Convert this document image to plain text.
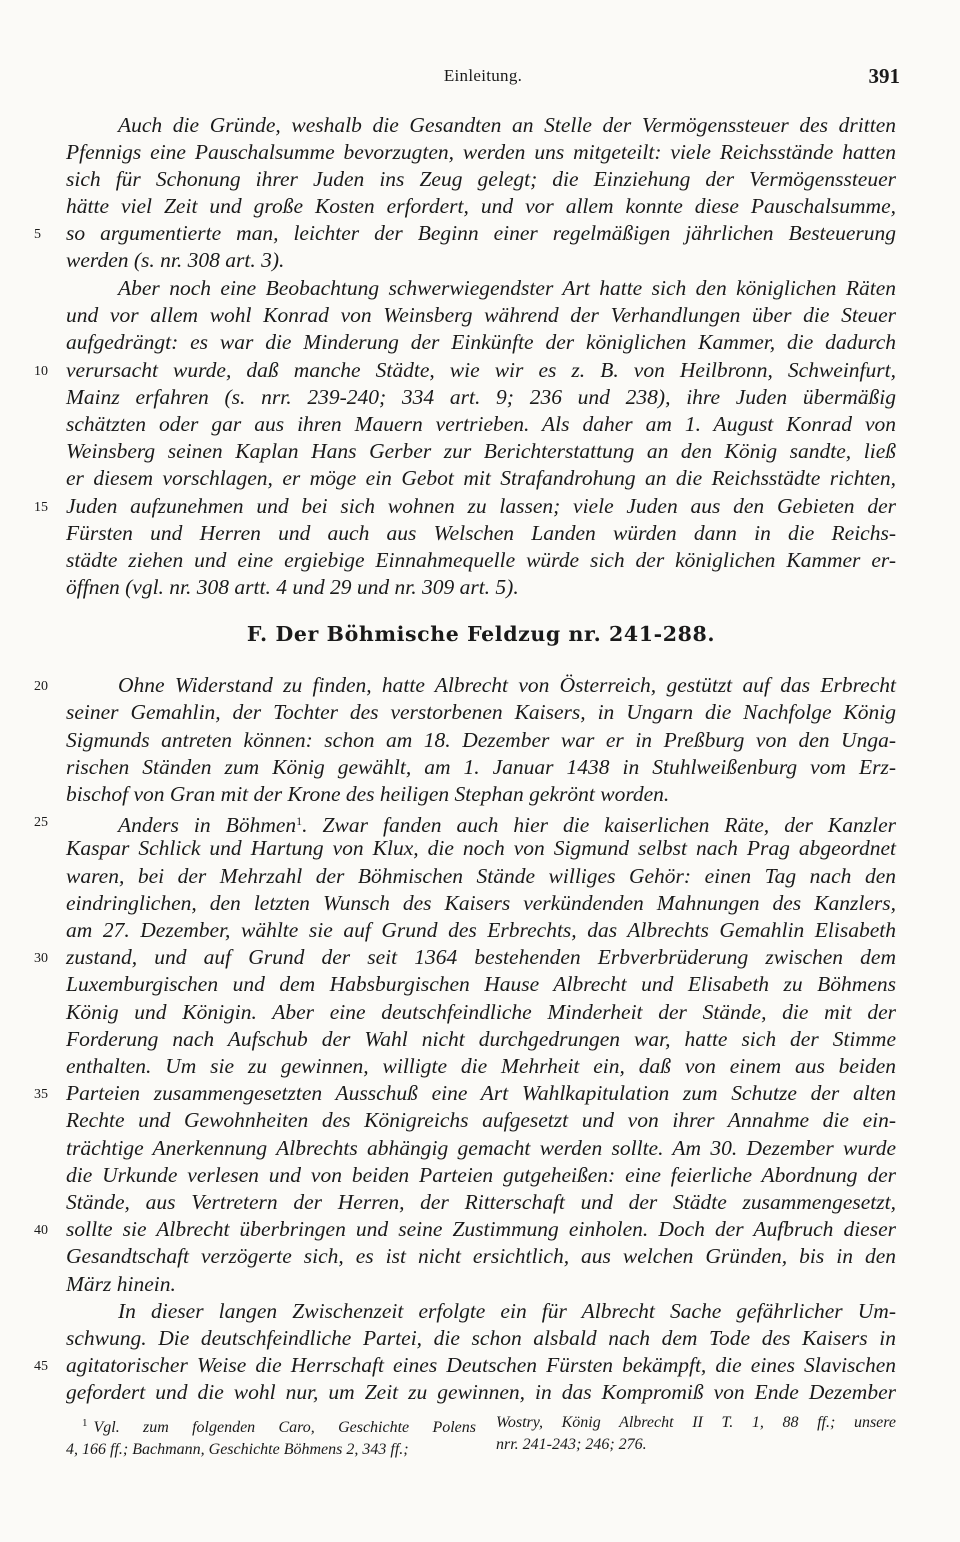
Einleitung.	391
Auch die Gründe, weshalb die Gesandten an Stelle der Vermögenssteuer des dritten
Pfennigs eine Pauschalsumme bevorzugten, werden uns mitgeteilt: viele Reichsstände hatten
sich für Schonung ihrer Juden ins Zeug gelegt; die Einziehung der Vermögenssteuer
hätte viel Zeit und große Kosten erfordert, und vor allem konnte diese Pauschalsumme,
so argumentierte man, leichter der Beginn einer regelmäßigen jährlichen Besteuerung
werden (s. nr. 308 art. 3).
Aber noch eine Beobachtung schwerwiegendster Art hatte sich den königlichen Räten
und vor allem wohl Konrad von Weinsberg während der Verhandlungen über die Steuer
aufgedrängt: es war die Minderung der Einkünfte der königlichen Kammer, die dadurch
verursacht wurde, daß manche Städte, wie wir es z. B. von Heilbronn, Schweinfurt,
Mainz erfahren (s. nrr. 239-240; 334 art. 9; 236 und 238), ihre Juden übermäßig
schätzten oder gar aus ihren Mauern vertrieben. Als daher am 1. August Konrad von
Weinsberg seinen Kaplan Hans Gerber zur Berichterstattung an den König sandte, ließ
er diesem vorschlagen, er möge ein Gebot mit Strafandrohung an die Reichsstädte richten,
Juden aufzunehmen und bei sich wohnen zu lassen; viele Juden aus den Gebieten der
Fürsten und Herren und auch aus Welschen Landen würden dann in die Reichs-
städte ziehen und eine ergiebige Einnahmequelle würde sich der königlichen Kammer er-
öffnen (vgl. nr. 308 artt. 4 und 29 und nr. 309 art. 5).
F. Der Böhmische Feldzug nr. 241-288.
Ohne Widerstand zu finden, hatte Albrecht von Österreich, gestützt auf das Erbrecht
seiner Gemahlin, der Tochter des verstorbenen Kaisers, in Ungarn die Nachfolge König
Sigmunds antreten können: schon am 18. Dezember war er in Preßburg von den Unga-
rischen Ständen zum König gewählt, am 1. Januar 1438 in Stuhlweißenburg vom Erz-
bischof von Gran mit der Krone des heiligen Stephan gekrönt worden.
Anders in Böhmen$^1$. Zwar fanden auch hier die kaiserlichen Räte, der Kanzler
Kaspar Schlick und Hartung von Klux, die noch von Sigmund selbst nach Prag abgeordnet
waren, bei der Mehrzahl der Böhmischen Stände williges Gehör: einen Tag nach den
eindringlichen, den letzten Wunsch des Kaisers verkündenden Mahnungen des Kanzlers,
am 27. Dezember, wählte sie auf Grund des Erbrechts, das Albrechts Gemahlin Elisabeth
zustand, und auf Grund der seit 1364 bestehenden Erbverbrüderung zwischen dem
Luxemburgischen und dem Habsburgischen Hause Albrecht und Elisabeth zu Böhmens
König und Königin. Aber eine deutschfeindliche Minderheit der Stände, die mit der
Forderung nach Aufschub der Wahl nicht durchgedrungen war, hatte sich der Stimme
enthalten. Um sie zu gewinnen, willigte die Mehrheit ein, daß von einem aus beiden
Parteien zusammengesetzten Ausschuß eine Art Wahlkapitulation zum Schutze der alten
Rechte und Gewohnheiten des Königreichs aufgesetzt und von ihrer Annahme die ein-
trächtige Anerkennung Albrechts abhängig gemacht werden sollte. Am 30. Dezember wurde
die Urkunde verlesen und von beiden Parteien gutgeheißen: eine feierliche Abordnung der
Stände, aus Vertretern der Herren, der Ritterschaft und der Städte zusammengesetzt,
sollte sie Albrecht überbringen und seine Zustimmung einholen. Doch der Aufbruch dieser
Gesandtschaft verzögerte sich, es ist nicht ersichtlich, aus welchen Gründen, bis in den
März hinein.
In dieser langen Zwischenzeit erfolgte ein für Albrecht Sache gefährlicher Um-
schwung. Die deutschfeindliche Partei, die schon alsbald nach dem Tode des Kaisers in
agitatorischer Weise die Herrschaft eines Deutschen Fürsten bekämpft, die eines Slavischen
gefordert und die wohl nur, um Zeit zu gewinnen, in das Kompromiß von Ende Dezember
5
10
15
20
25
30
35
40
45
$^1$ Vgl. zum folgenden Caro, Geschichte Polens
4, 166 ff.; Bachmann, Geschichte Böhmens 2, 343 ff.;
Wostry, König Albrecht II T. 1, 88 ff.; unsere
nrr. 241-243; 246; 276.
